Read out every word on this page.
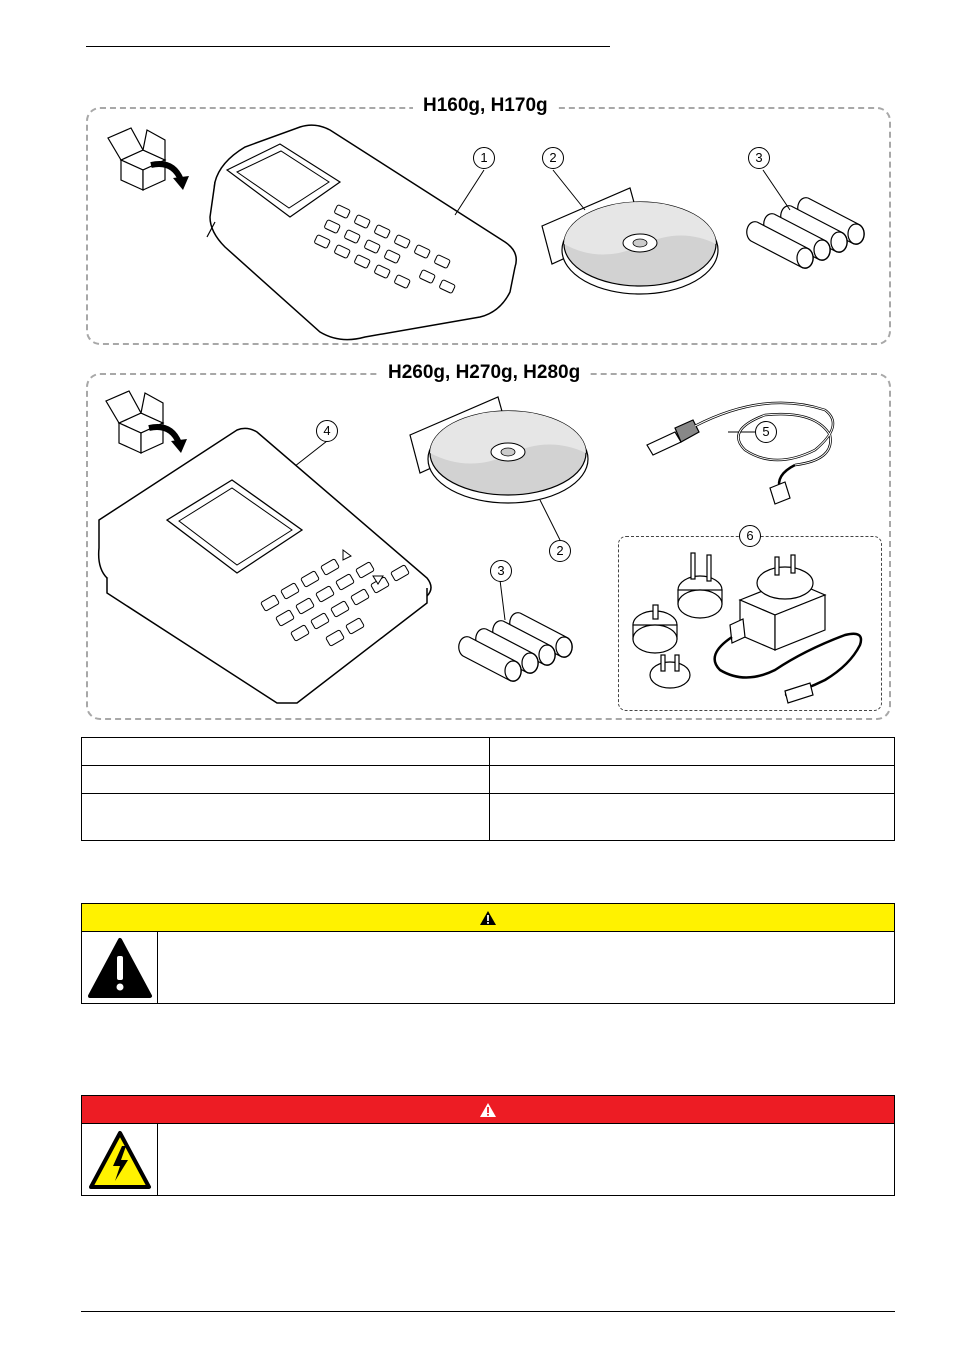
H160g, H170g
1	2	3
H260g, H270g, H280g
4
2
3
5
6
